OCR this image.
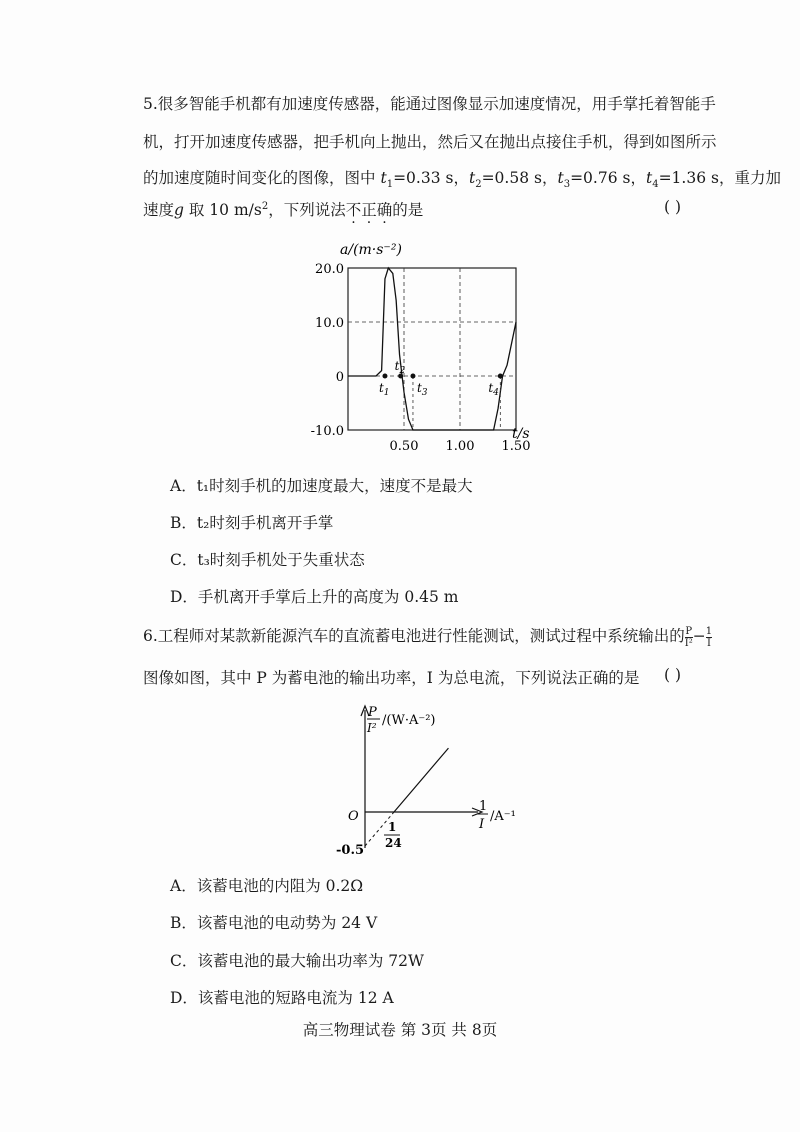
5.很多智能手机都有加速度传感器，能通过图像显示加速度情况，用手掌托着智能手
机，打开加速度传感器，把手机向上抛出，然后又在抛出点接住手机，得到如图所示
的加速度随时间变化的图像，图中 $t_1=0.33$ s，$t_2=0.58$ s，$t_3=0.76$ s，$t_4=1.36$ s，重力加
速度g 取 10 $m/s^2$，下列说法不正确的是	( )
20.0
10.0
0
-10.0
0.50 1.00 1.50
a/(m·s⁻²)
t/s
$t_1$
$t_2$
$t_3$	$t_4$
A．t₁时刻手机的加速度最大，速度不是最大
B．t₂时刻手机离开手掌
C．t₃时刻手机处于失重状态
D．手机离开手掌后上升的高度为 0.45 m
6.工程师对某款新能源汽车的直流蓄电池进行性能测试，测试过程中系统输出的 $\frac{P}{\text{I²}} - \frac{1}{I}$
图像如图，其中 P 为蓄电池的输出功率，I 为总电流，下列说法正确的是 ( )
P
I² /(W·A⁻²)
1
I
/A⁻¹
O
-0.5
1
24
A．该蓄电池的内阻为 0.2Ω
B．该蓄电池的电动势为 24 V
C．该蓄电池的最大输出功率为 72W
D．该蓄电池的短路电流为 12 A
高三物理试卷 第 3页 共 8页
